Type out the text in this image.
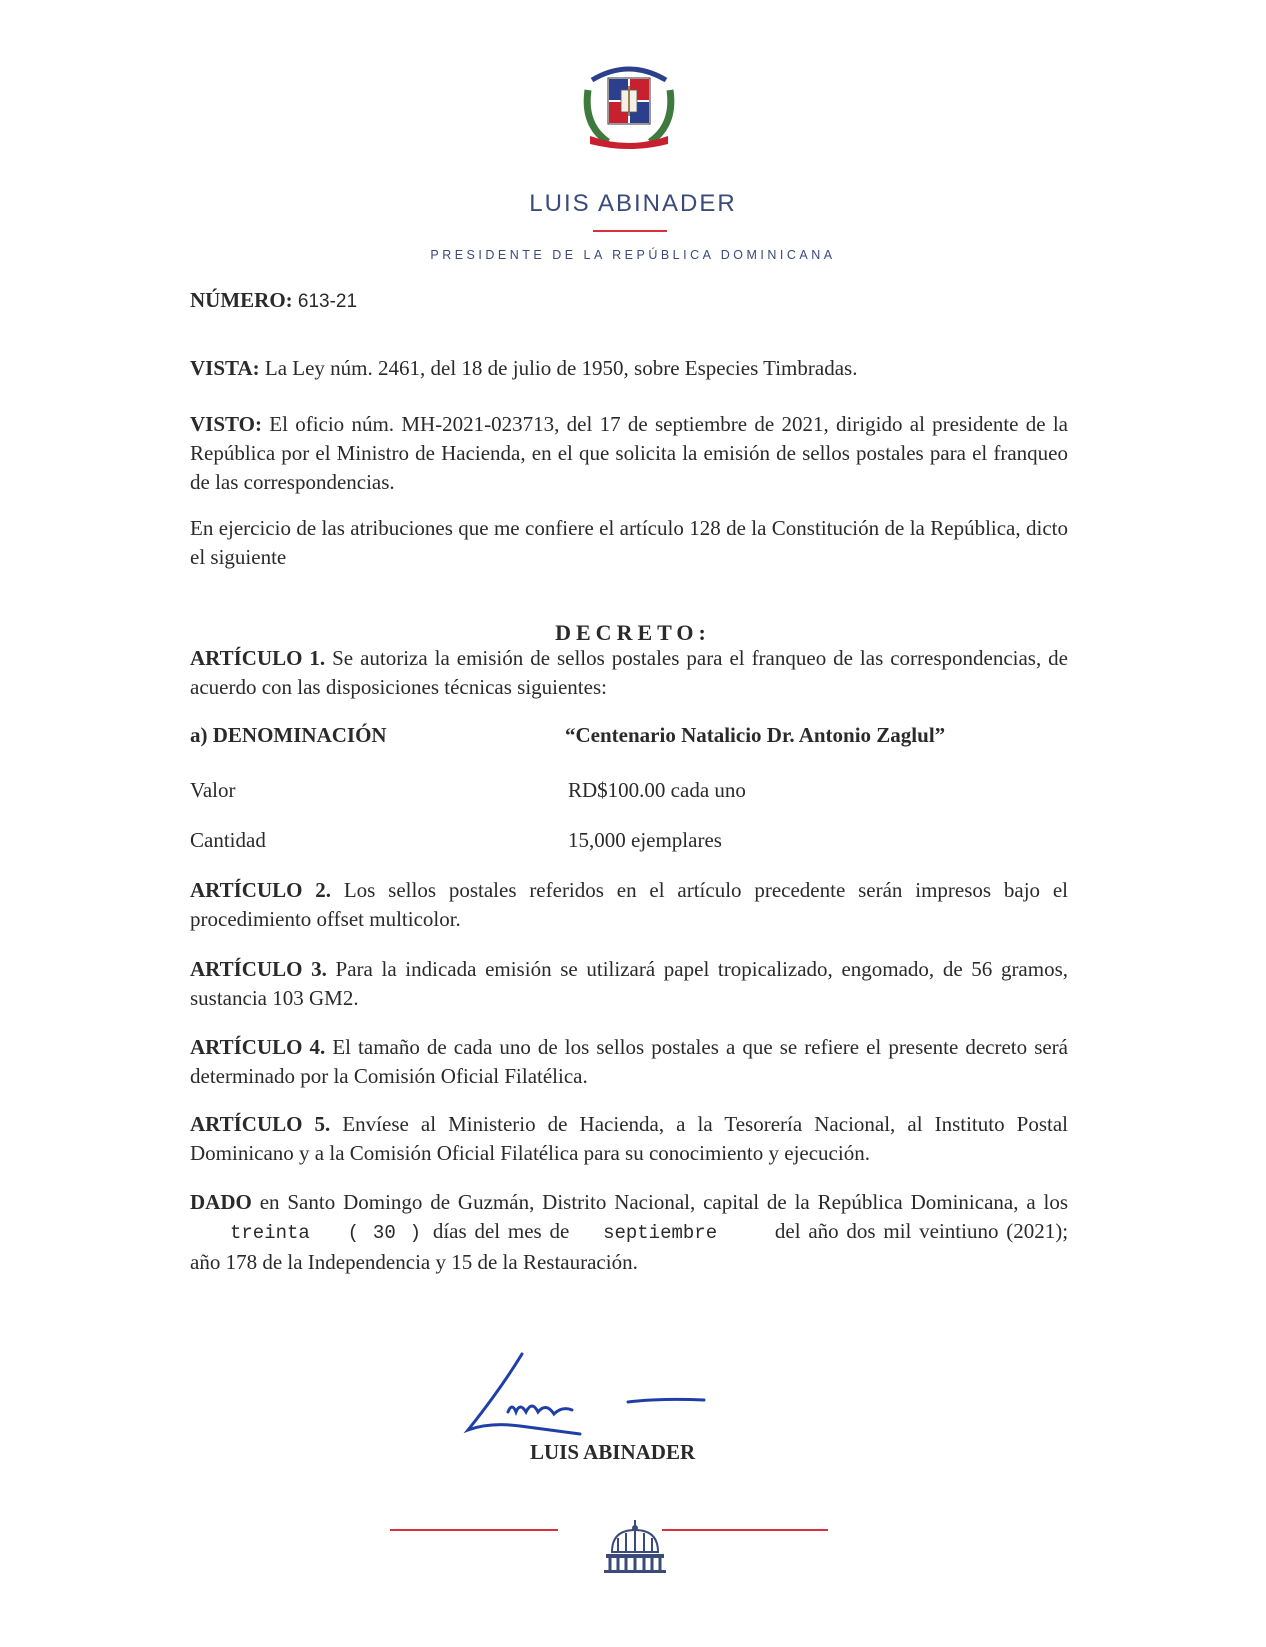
LUIS ABINADER
PRESIDENTE DE LA REPÚBLICA DOMINICANA
NÚMERO: 613-21
VISTA: La Ley núm. 2461, del 18 de julio de 1950, sobre Especies Timbradas.
VISTO: El oficio núm. MH-2021-023713, del 17 de septiembre de 2021, dirigido al presidente de la República por el Ministro de Hacienda, en el que solicita la emisión de sellos postales para el franqueo de las correspondencias.
En ejercicio de las atribuciones que me confiere el artículo 128 de la Constitución de la República, dicto el siguiente
DECRETO:
ARTÍCULO 1. Se autoriza la emisión de sellos postales para el franqueo de las correspondencias, de acuerdo con las disposiciones técnicas siguientes:
a) DENOMINACIÓN	“Centenario Natalicio Dr. Antonio Zaglul”
Valor	RD$100.00 cada uno
Cantidad	15,000 ejemplares
ARTÍCULO 2. Los sellos postales referidos en el artículo precedente serán impresos bajo el procedimiento offset multicolor.
ARTÍCULO 3. Para la indicada emisión se utilizará papel tropicalizado, engomado, de 56 gramos, sustancia 103 GM2.
ARTÍCULO 4. El tamaño de cada uno de los sellos postales a que se refiere el presente decreto será determinado por la Comisión Oficial Filatélica.
ARTÍCULO 5. Envíese al Ministerio de Hacienda, a la Tesorería Nacional, al Instituto Postal Dominicano y a la Comisión Oficial Filatélica para su conocimiento y ejecución.
DADO en Santo Domingo de Guzmán, Distrito Nacional, capital de la República Dominicana, a los treinta ( 30 ) días del mes de septiembre	del año dos mil veintiuno (2021); año 178 de la Independencia y 15 de la Restauración.
LUIS ABINADER
